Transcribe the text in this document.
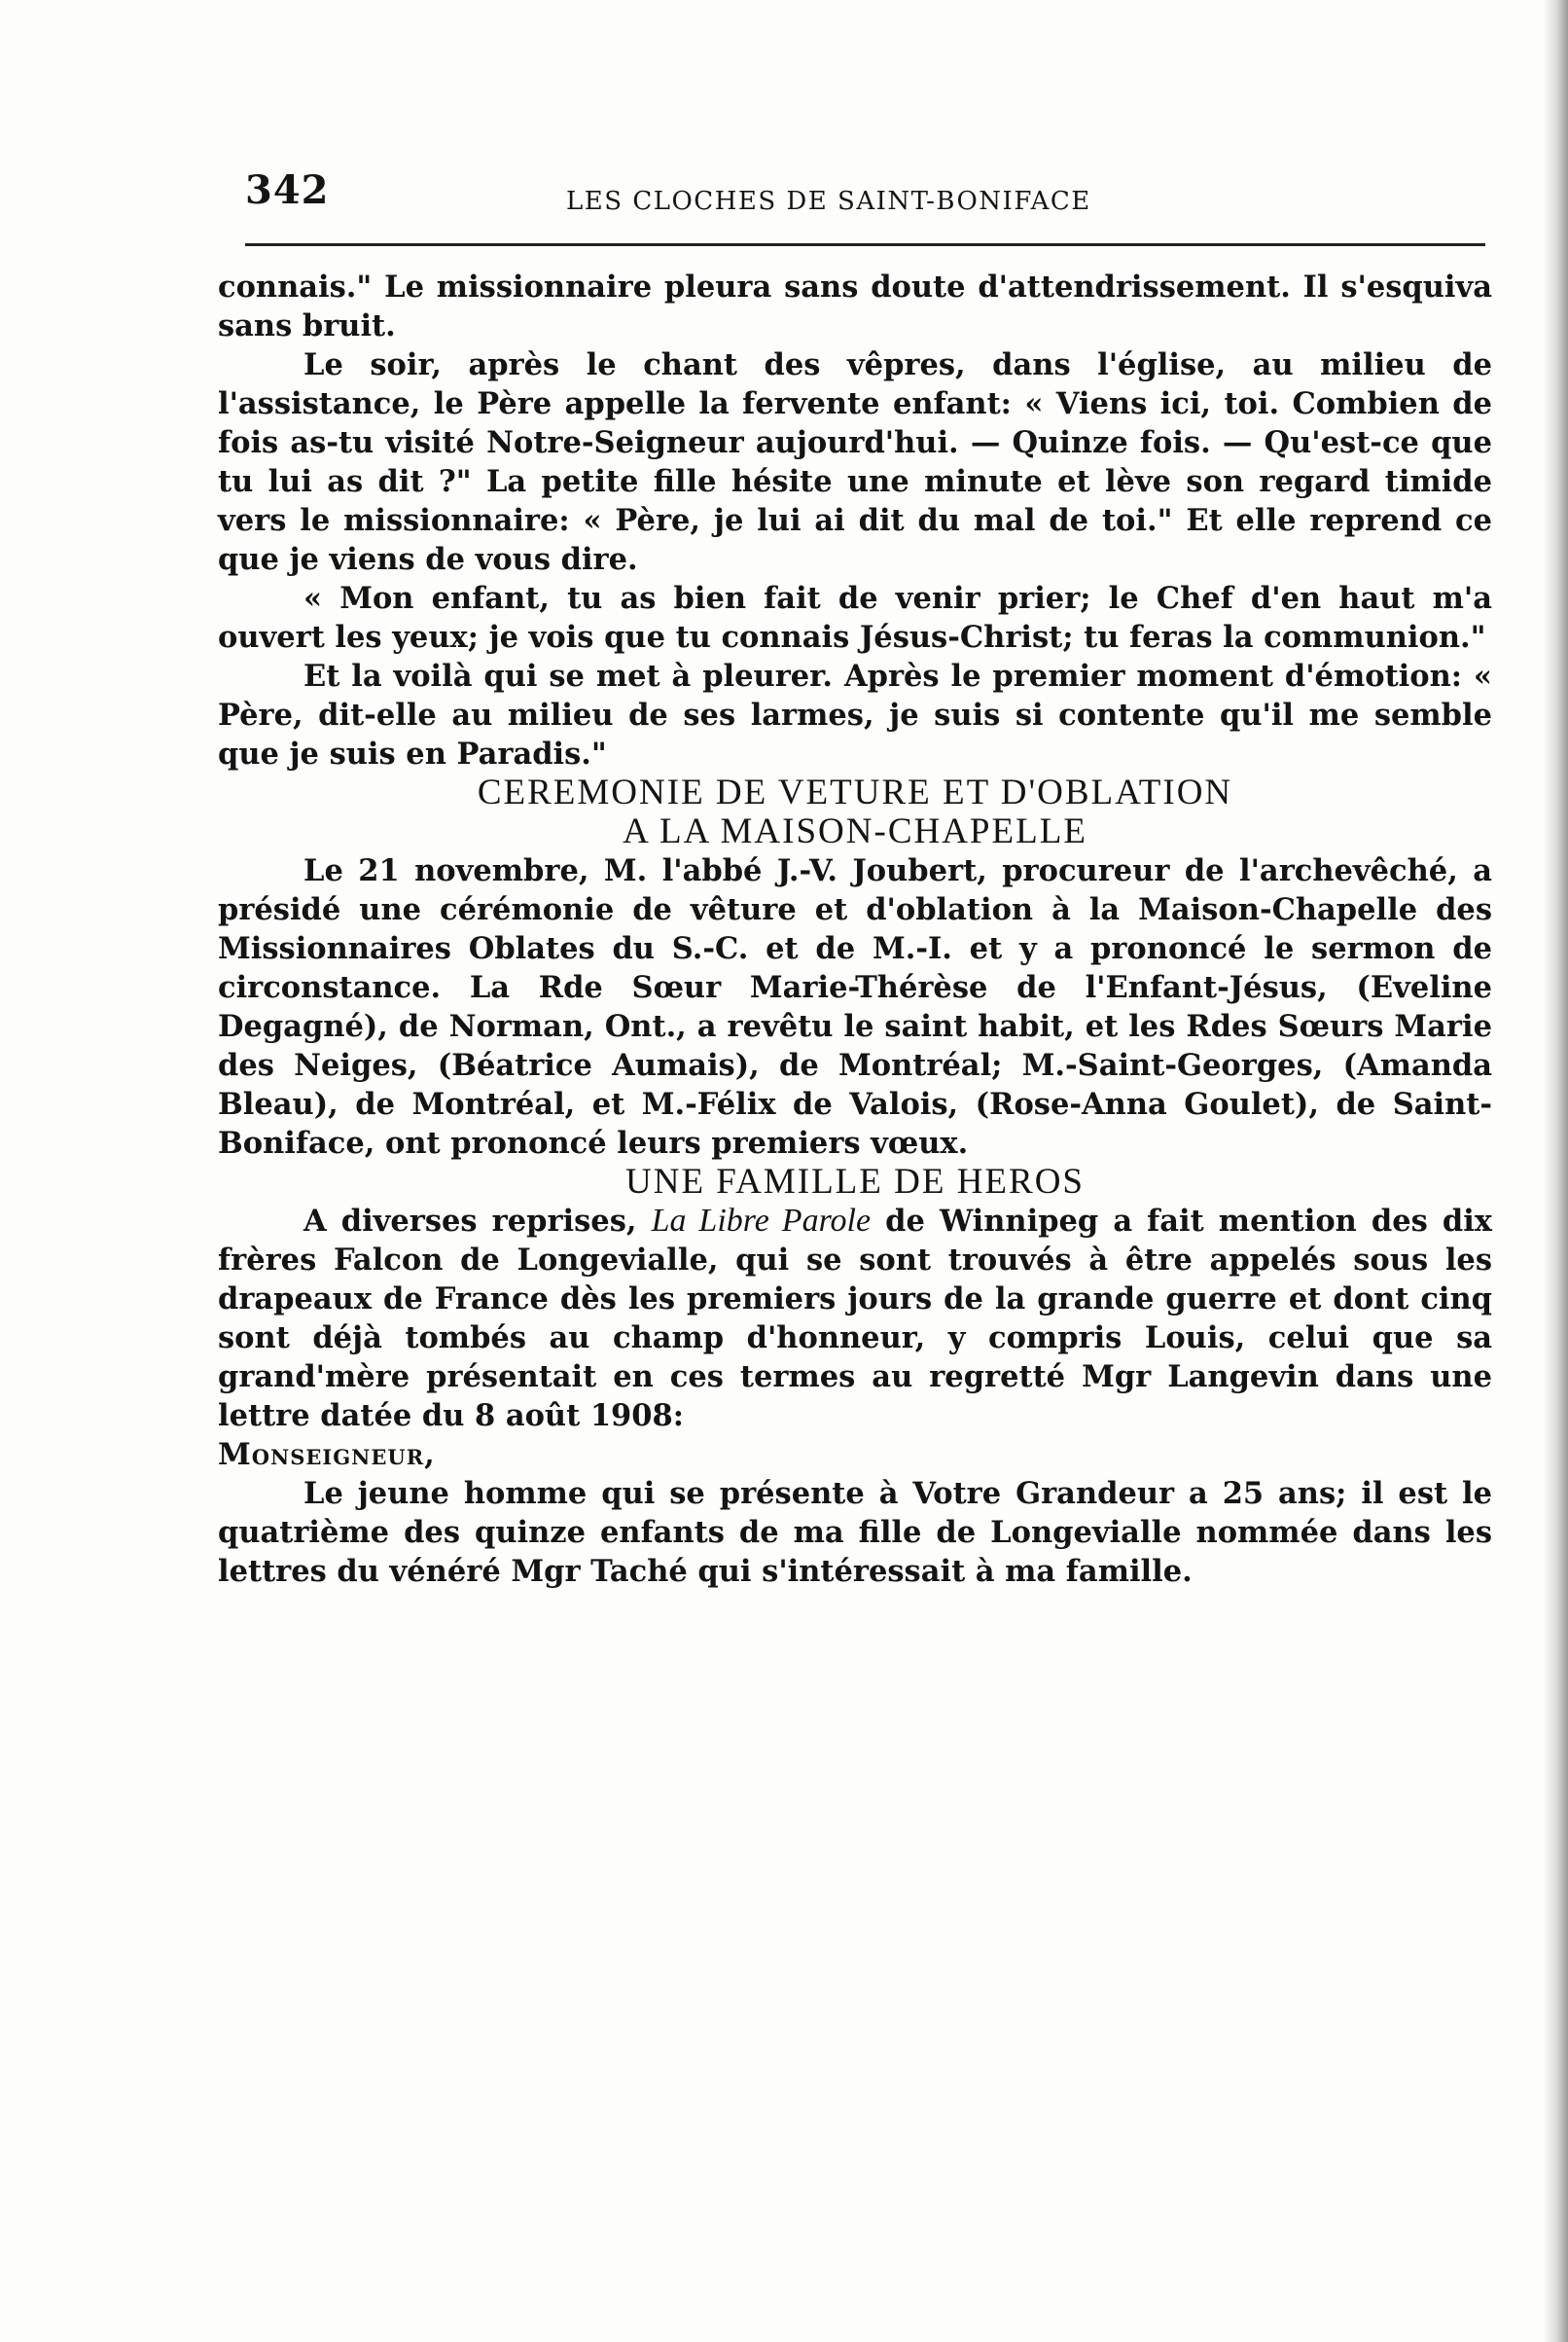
342	LES CLOCHES DE SAINT-BONIFACE

connais." Le missionnaire pleura sans doute d'attendrissement. Il s'esquiva sans bruit.

Le soir, après le chant des vêpres, dans l'église, au milieu de l'assistance, le Père appelle la fervente enfant: « Viens ici, toi. Combien de fois as-tu visité Notre-Seigneur aujourd'hui. — Quinze fois. — Qu'est-ce que tu lui as dit ?" La petite fille hésite une minute et lève son regard timide vers le missionnaire: « Père, je lui ai dit du mal de toi." Et elle reprend ce que je viens de vous dire.

« Mon enfant, tu as bien fait de venir prier; le Chef d'en haut m'a ouvert les yeux; je vois que tu connais Jésus-Christ; tu feras la communion."

Et la voilà qui se met à pleurer. Après le premier moment d'émotion: « Père, dit-elle au milieu de ses larmes, je suis si contente qu'il me semble que je suis en Paradis."

CEREMONIE DE VETURE ET D'OBLATION

A LA MAISON-CHAPELLE

Le 21 novembre, M. l'abbé J.-V. Joubert, procureur de l'archevêché, a présidé une cérémonie de vêture et d'oblation à la Maison-Chapelle des Missionnaires Oblates du S.-C. et de M.-I. et y a prononcé le sermon de circonstance. La Rde Sœur Marie-Thérèse de l'Enfant-Jésus, (Eveline Degagné), de Norman, Ont., a revêtu le saint habit, et les Rdes Sœurs Marie des Neiges, (Béatrice Aumais), de Montréal; M.-Saint-Georges, (Amanda Bleau), de Montréal, et M.-Félix de Valois, (Rose-Anna Goulet), de Saint-Boniface, ont prononcé leurs premiers vœux.

UNE FAMILLE DE HEROS

A diverses reprises, La Libre Parole de Winnipeg a fait mention des dix frères Falcon de Longevialle, qui se sont trouvés à être appelés sous les drapeaux de France dès les premiers jours de la grande guerre et dont cinq sont déjà tombés au champ d'honneur, y compris Louis, celui que sa grand'mère présentait en ces termes au regretté Mgr Langevin dans une lettre datée du 8 août 1908:

Monseigneur,

Le jeune homme qui se présente à Votre Grandeur a 25 ans; il est le quatrième des quinze enfants de ma fille de Longevialle nommée dans les lettres du vénéré Mgr Taché qui s'intéressait à ma famille.
